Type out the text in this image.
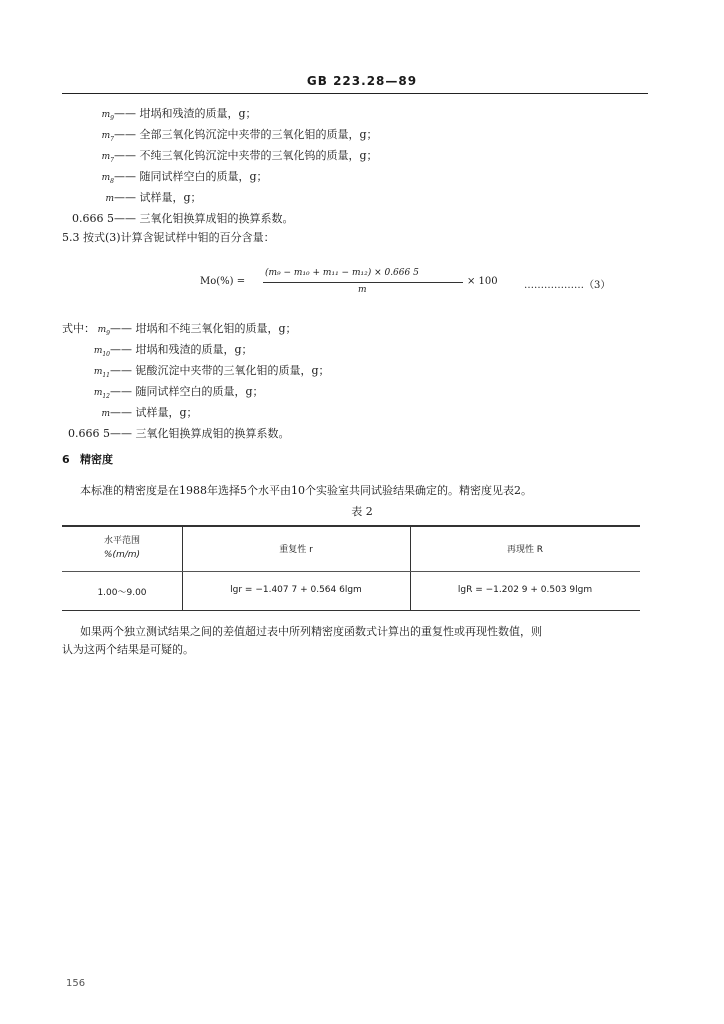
GB 223.28—89
$m_9$ —— 坩埚和残渣的质量，g；
$m_7$ —— 全部三氧化钨沉淀中夹带的三氧化钼的质量，g；
$m_7$ —— 不纯三氧化钨沉淀中夹带的三氧化钨的质量，g；
$m_8$ —— 随同试样空白的质量，g；
m —— 试样量，g；
0.666 5 —— 三氧化钼换算成钼的换算系数。
5.3 按式(3)计算含铌试样中钼的百分含量：
Mo(%) =
(m₉ − m₁₀ + m₁₁ − m₁₂) × 0.666 5
m
× 100	………………（3）
式中： $m_9$ —— 坩埚和不纯三氧化钼的质量，g；
$m_{10}$ —— 坩埚和残渣的质量，g；
$m_{11}$ —— 铌酸沉淀中夹带的三氧化钼的质量，g；
$m_{12}$ —— 随同试样空白的质量，g；
m —— 试样量，g；
0.666 5 —— 三氧化钼换算成钼的换算系数。
6 精密度
本标准的精密度是在1988年选择5个水平由10个实验室共同试验结果确定的。精密度见表2。
表 2
水平范围
%(m/m)	重复性 r	再现性 R
1.00～9.00	lgr = −1.407 7 + 0.564 6lgm	lgR = −1.202 9 + 0.503 9lgm
如果两个独立测试结果之间的差值超过表中所列精密度函数式计算出的重复性或再现性数值，则
认为这两个结果是可疑的。
156
